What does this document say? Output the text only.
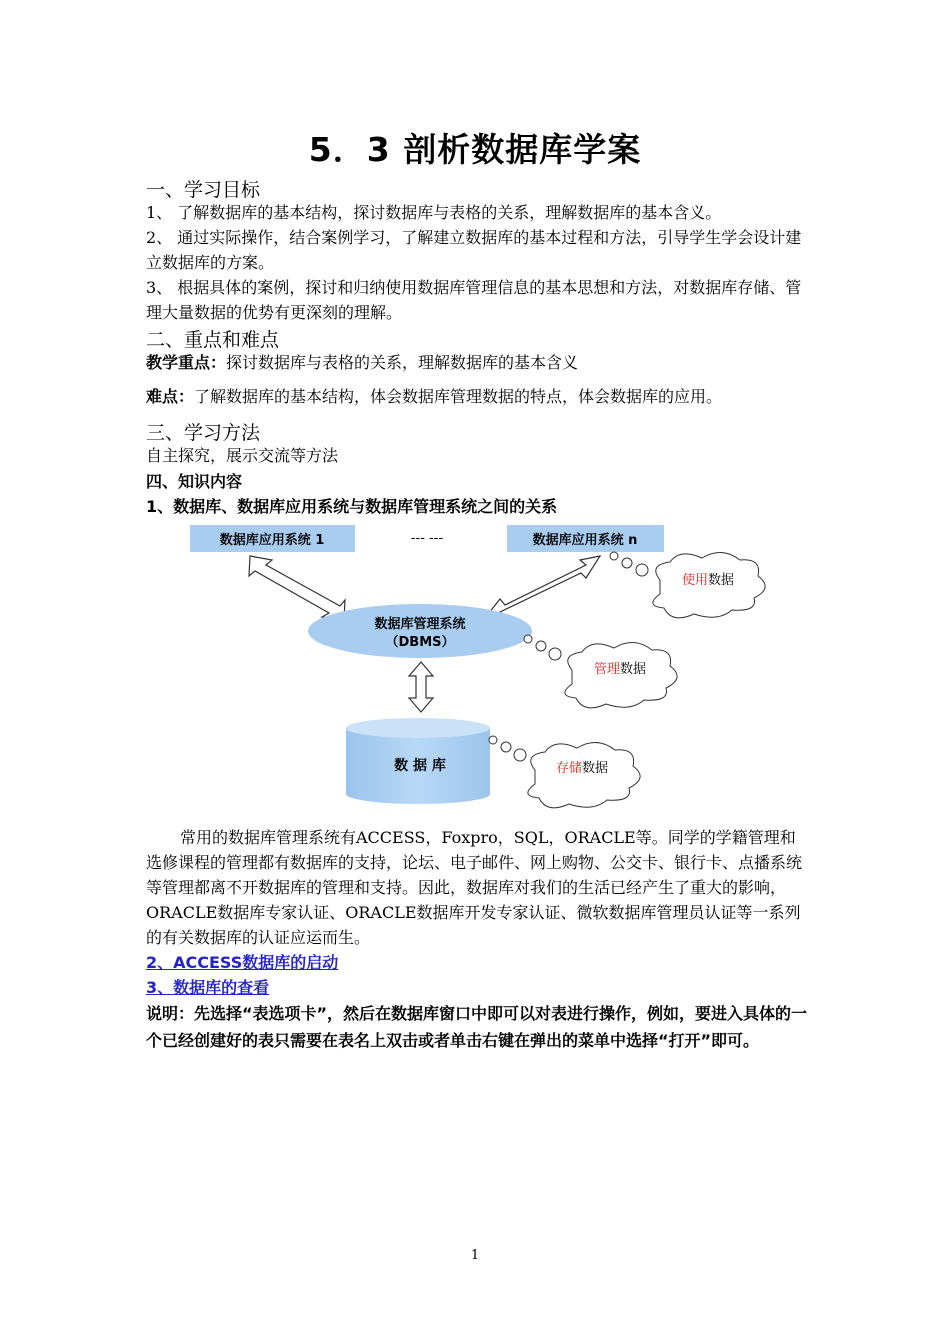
5．3 剖析数据库学案
一、学习目标
1、 了解数据库的基本结构，探讨数据库与表格的关系，理解数据库的基本含义。
2、 通过实际操作，结合案例学习，了解建立数据库的基本过程和方法，引导学生学会设计建立数据库的方案。
3、 根据具体的案例，探讨和归纳使用数据库管理信息的基本思想和方法，对数据库存储、管理大量数据的优势有更深刻的理解。
二、重点和难点
教学重点：探讨数据库与表格的关系，理解数据库的基本含义
难点：了解数据库的基本结构，体会数据库管理数据的特点，体会数据库的应用。
三、学习方法
自主探究，展示交流等方法
四、知识内容
1、数据库、数据库应用系统与数据库管理系统之间的关系
数据库应用系统 1	--- ---	数据库应用系统 n
数据库管理系统
（DBMS）
数 据 库
使用数据
管理数据
存储数据
常用的数据库管理系统有ACCESS，Foxpro，SQL，ORACLE等。同学的学籍管理和选修课程的管理都有数据库的支持，论坛、电子邮件、网上购物、公交卡、银行卡、点播系统等管理都离不开数据库的管理和支持。因此，数据库对我们的生活已经产生了重大的影响，ORACLE数据库专家认证、ORACLE数据库开发专家认证、微软数据库管理员认证等一系列的有关数据库的认证应运而生。
2、ACCESS数据库的启动
3、数据库的查看
说明：先选择“表选项卡”，然后在数据库窗口中即可以对表进行操作，例如，要进入具体的一个已经创建好的表只需要在表名上双击或者单击右键在弹出的菜单中选择“打开”即可。
1
